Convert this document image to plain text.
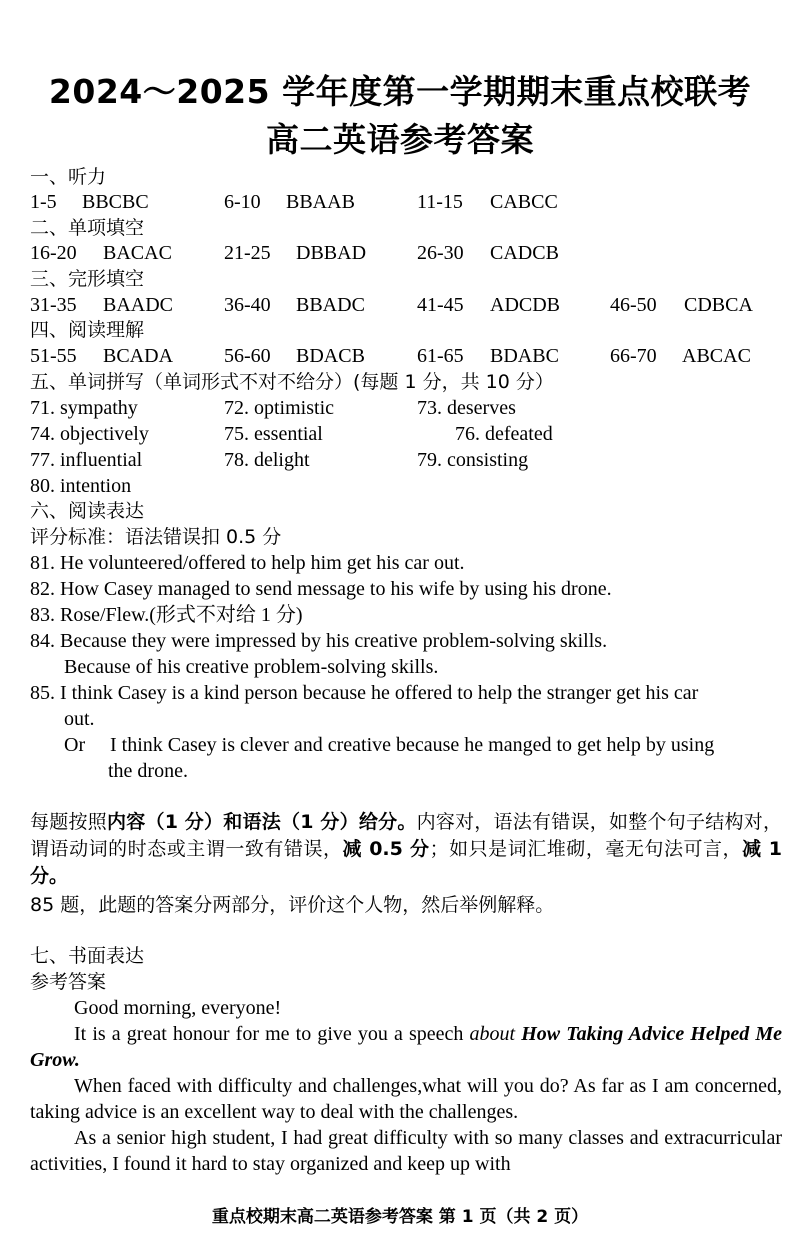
2024～2025 学年度第一学期期末重点校联考
高二英语参考答案
一、听力
1-5 BBCBC	6-10 BBAAB	11-15 CABCC
二、单项填空
16-20 BACAC	21-25 DBBAD	26-30 CADCB
三、完形填空
31-35 BAADC	36-40 BBADC	41-45 ADCDB 46-50 CDBCA
四、阅读理解
51-55 BCADA	56-60 BDACB	61-65 BDABC	66-70 ABCAC
五、单词拼写（单词形式不对不给分）(每题 1 分，共 10 分）
71. sympathy	72. optimistic	73. deserves
74. objectively	75. essential	76. defeated
77. influential	78. delight	79. consisting
80. intention
六、阅读表达
评分标准：语法错误扣 0.5 分
81. He volunteered/offered to help him get his car out.
82. How Casey managed to send message to his wife by using his drone.
83. Rose/Flew.(形式不对给 1 分)
84. Because they were impressed by his creative problem-solving skills.
Because of his creative problem-solving skills.
85. I think Casey is a kind person because he offered to help the stranger get his car
out.
Or I think Casey is clever and creative because he manged to get help by using
the drone.
每题按照内容（1 分）和语法（1 分）给分。内容对，语法有错误，如整个句子结构对，谓语动词的时态或主谓一致有错误，减 0.5 分；如只是词汇堆砌，毫无句法可言，减 1 分。
85 题，此题的答案分两部分，评价这个人物，然后举例解释。
七、书面表达
参考答案
Good morning, everyone!
It is a great honour for me to give you a speech about How Taking Advice Helped Me Grow.
When faced with difficulty and challenges,what will you do? As far as I am concerned, taking advice is an excellent way to deal with the challenges.
As a senior high student, I had great difficulty with so many classes and extracurricular activities, I found it hard to stay organized and keep up with
重点校期末高二英语参考答案 第 1 页（共 2 页）
